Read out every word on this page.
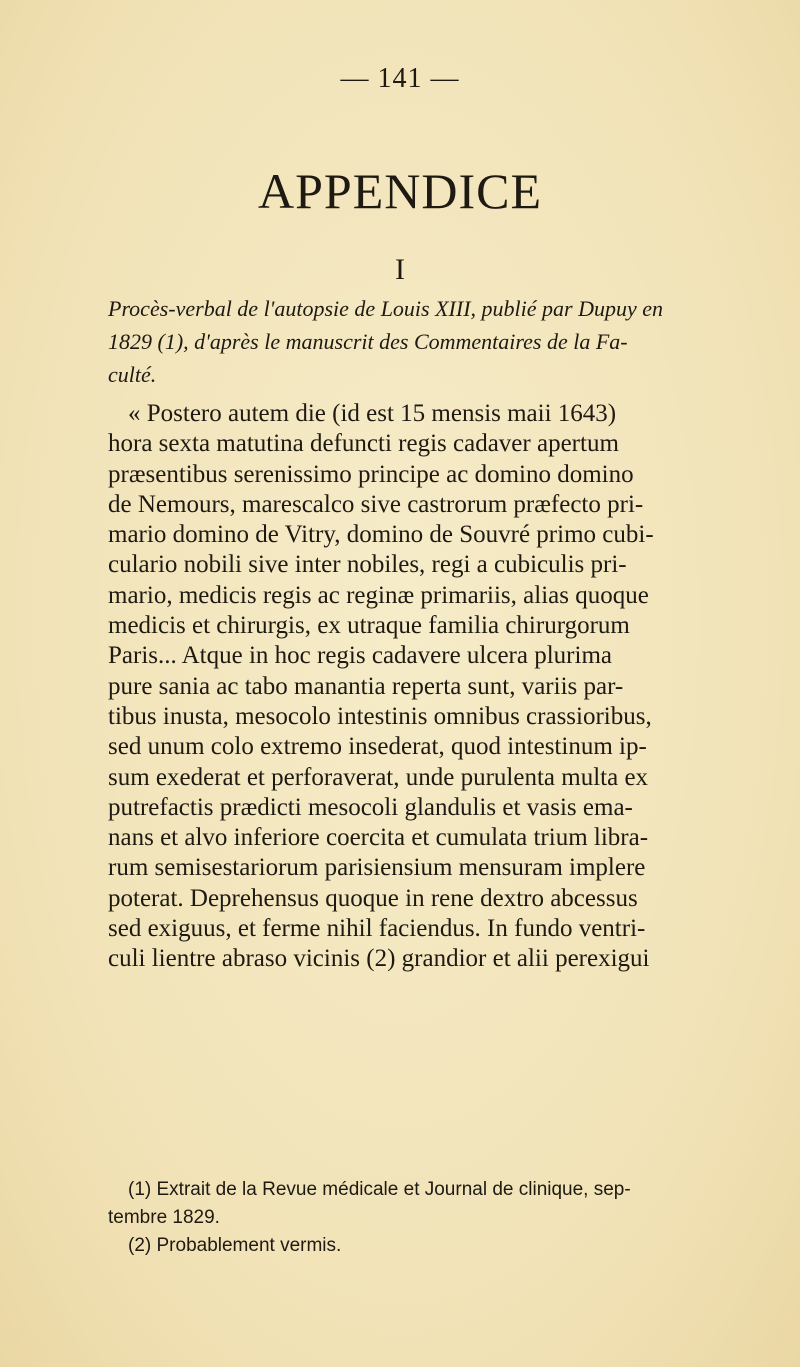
— 141 —
APPENDICE
I
Procès-verbal de l'autopsie de Louis XIII, publié par Dupuy en
1829 (1), d'après le manuscrit des Commentaires de la Fa-
culté.
« Postero autem die (id est 15 mensis maii 1643)
hora sexta matutina defuncti regis cadaver apertum
præsentibus serenissimo principe ac domino domino
de Nemours, marescalco sive castrorum præfecto pri-
mario domino de Vitry, domino de Souvré primo cubi-
culario nobili sive inter nobiles, regi a cubiculis pri-
mario, medicis regis ac reginæ primariis, alias quoque
medicis et chirurgis, ex utraque familia chirurgorum
Paris... Atque in hoc regis cadavere ulcera plurima
pure sania ac tabo manantia reperta sunt, variis par-
tibus inusta, mesocolo intestinis omnibus crassioribus,
sed unum colo extremo insederat, quod intestinum ip-
sum exederat et perforaverat, unde purulenta multa ex
putrefactis prædicti mesocoli glandulis et vasis ema-
nans et alvo inferiore coercita et cumulata trium libra-
rum semisestariorum parisiensium mensuram implere
poterat. Deprehensus quoque in rene dextro abcessus
sed exiguus, et ferme nihil faciendus. In fundo ventri-
culi lientre abraso vicinis (2) grandior et alii perexigui
(1) Extrait de la Revue médicale et Journal de clinique, sep-
tembre 1829.
(2) Probablement vermis.
